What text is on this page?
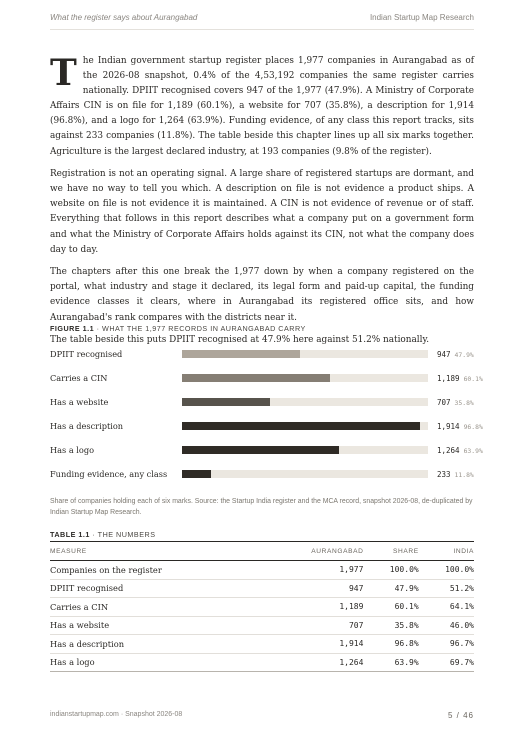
What the register says about Aurangabad	Indian Startup Map Research

The Indian government startup register places 1,977 companies in Aurangabad as of the 2026-08 snapshot, 0.4% of the 4,53,192 companies the same register carries nationally. DPIIT recognised covers 947 of the 1,977 (47.9%). A Ministry of Corporate Affairs CIN is on file for 1,189 (60.1%), a website for 707 (35.8%), a description for 1,914 (96.8%), and a logo for 1,264 (63.9%). Funding evidence, of any class this report tracks, sits against 233 companies (11.8%). The table beside this chapter lines up all six marks together. Agriculture is the largest declared industry, at 193 companies (9.8% of the register).

Registration is not an operating signal. A large share of registered startups are dormant, and we have no way to tell you which. A description on file is not evidence a product ships. A website on file is not evidence it is maintained. A CIN is not evidence of revenue or of staff. Everything that follows in this report describes what a company put on a government form and what the Ministry of Corporate Affairs holds against its CIN, not what the company does day to day.

The chapters after this one break the 1,977 down by when a company registered on the portal, what industry and stage it declared, its legal form and paid-up capital, the funding evidence classes it clears, where in Aurangabad its registered office sits, and how Aurangabad's rank compares with the districts near it.

The table beside this puts DPIIT recognised at 47.9% here against 51.2% nationally.

FIGURE 1.1 · WHAT THE 1,977 RECORDS IN AURANGABAD CARRY
DPIIT recognised	947 47.9%
Carries a CIN	1,189 60.1%
Has a website	707 35.8%
Has a description	1,914 96.8%
Has a logo	1,264 63.9%
Funding evidence, any class	233 11.8%
Share of companies holding each of six marks. Source: the Startup India register and the MCA record, snapshot 2026-08, de-duplicated by Indian Startup Map Research.
TABLE 1.1 · THE NUMBERS
MEASURE	AURANGABAD	SHARE	INDIA
Companies on the register	1,977	100.0%	100.0%
DPIIT recognised	947	47.9%	51.2%
Carries a CIN	1,189	60.1%	64.1%
Has a website	707	35.8%	46.0%
Has a description	1,914	96.8%	96.7%
Has a logo	1,264	63.9%	69.7%
indianstartupmap.com · Snapshot 2026-08	5 / 46
